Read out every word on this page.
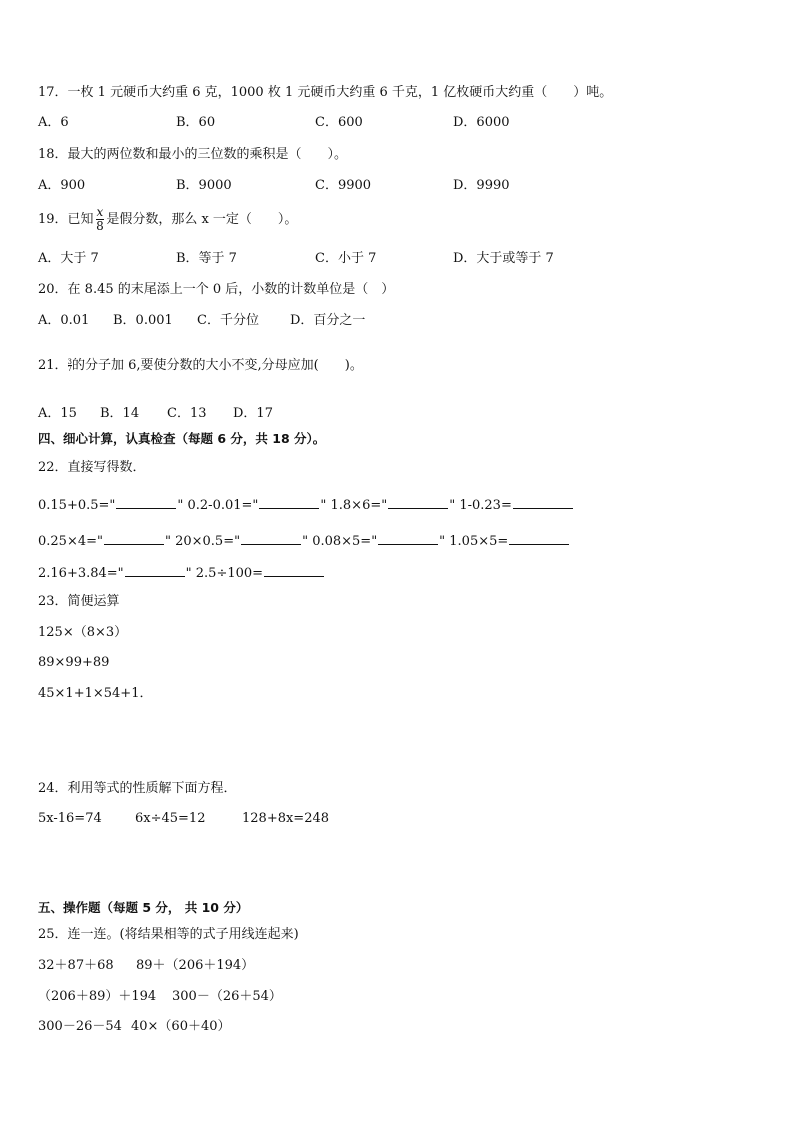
17．一枚 1 元硬币大约重 6 克，1000 枚 1 元硬币大约重 6 千克，1 亿枚硬币大约重（　　）吨。
A．6	B．60	C．600	D．6000
18．最大的两位数和最小的三位数的乘积是（　　）。
A．900	B．9000	C．9900	D．9990
19．已知 $\frac{x}{8}$ 是假分数，那么 x 一定（　　）。
A．大于 7	B．等于 7	C．小于 7	D．大于或等于 7
20．在 8.45 的末尾添上一个 0 后，小数的计数单位是（　）
A．0.01 B．0.001 C．千分位 D．百分之一
21． $\frac{3}{7}$ 的分子加 6,要使分数的大小不变,分母应加(　　)。
A．15 B．14 C．13 D．17
四、细心计算，认真检查（每题 6 分，共 18 分）。
22．直接写得数．
0.15+0.5="	" 0.2-0.01="	" 1.8×6="	" 1-0.23=
0.25×4="	" 20×0.5="	" 0.08×5="	" 1.05×5=
2.16+3.84="	" 2.5÷100=
23．简便运算
125×（8×3）
89×99+89
45×1+1×54+1．
24．利用等式的性质解下面方程．
5x-16=74	6x÷45=12	128+8x=248
五、操作题（每题 5 分， 共 10 分）
25．连一连。(将结果相等的式子用线连起来)
32＋87＋68 89＋（206＋194）
（206＋89）＋194 300－（26＋54）
300－26－54 40×（60＋40）
